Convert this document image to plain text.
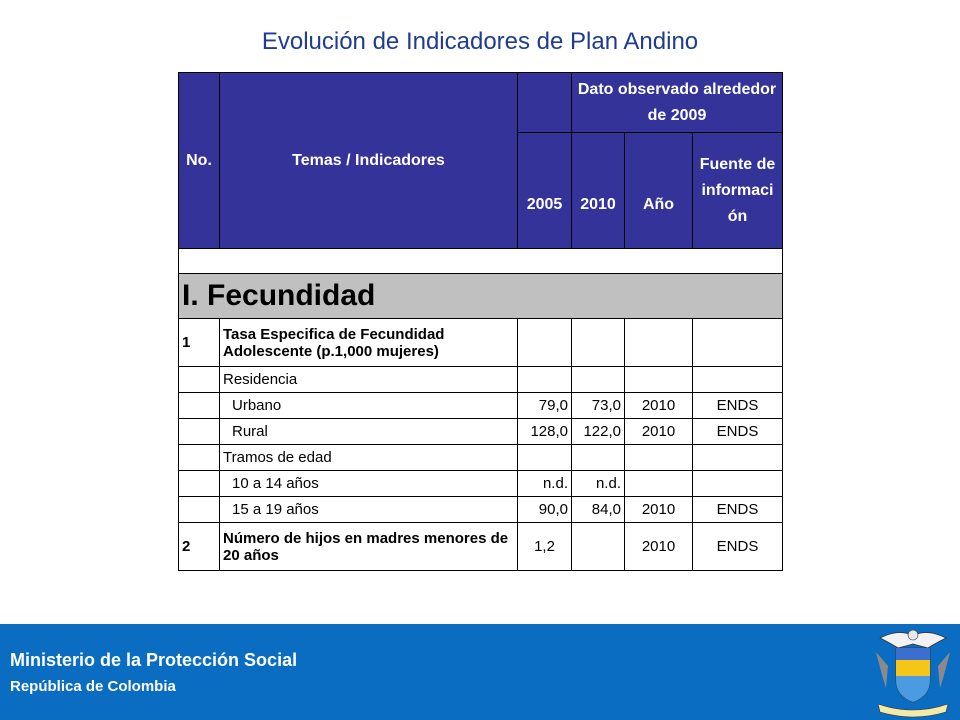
Evolución de Indicadores de Plan Andino
No.	Temas / Indicadores		Dato observado alrededor de 2009		
		2005	2010	Año	Fuente de informaci ón

I. Fecundidad					
1	Tasa Especifica de Fecundidad Adolescente (p.1,000 mujeres)				
	Residencia				
	Urbano	79,0	73,0	2010	ENDS
	Rural	128,0	122,0	2010	ENDS
	Tramos de edad				
	10 a 14 años	n.d.	n.d.		
	15 a 19 años	90,0	84,0	2010	ENDS
2	Número de hijos en madres menores de 20 años	1,2		2010	ENDS
Ministerio de la Protección Social
República de Colombia
